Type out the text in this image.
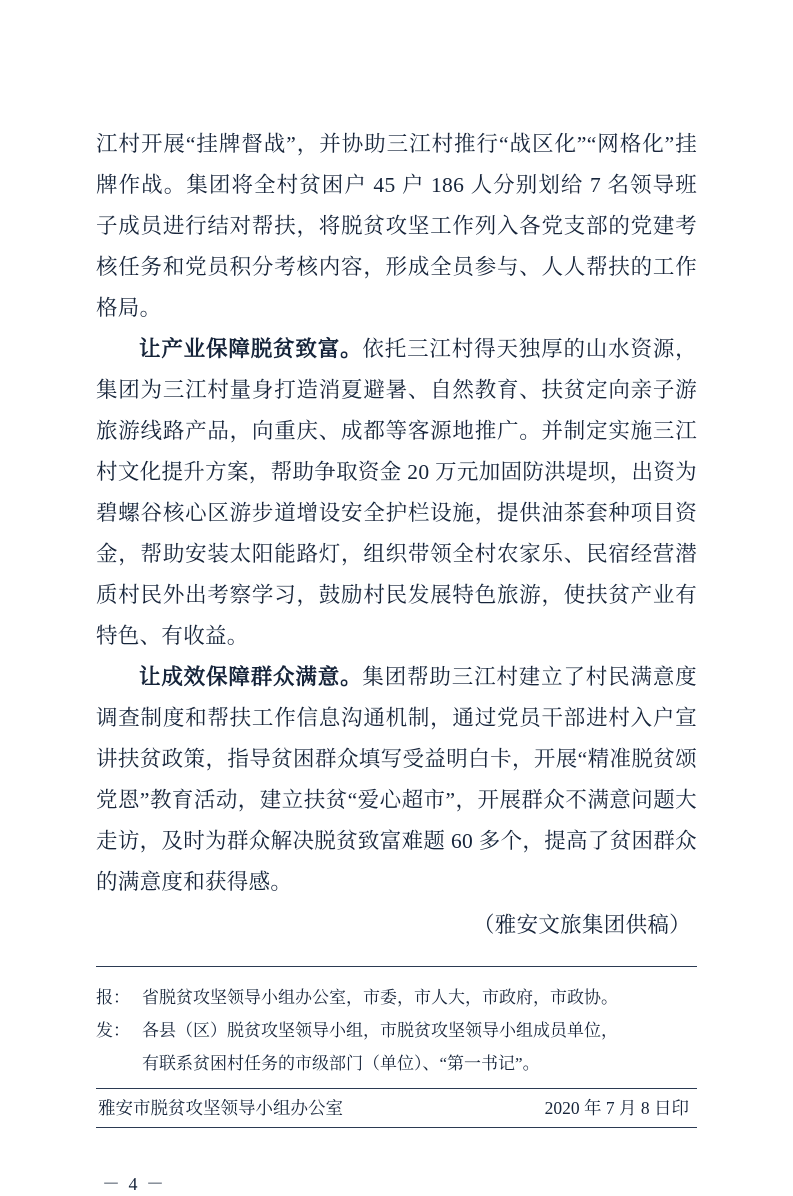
江村开展“挂牌督战”，并协助三江村推行“战区化”“网格化”挂牌作战。集团将全村贫困户 45 户 186 人分别划给 7 名领导班子成员进行结对帮扶，将脱贫攻坚工作列入各党支部的党建考核任务和党员积分考核内容，形成全员参与、人人帮扶的工作格局。

让产业保障脱贫致富。依托三江村得天独厚的山水资源，集团为三江村量身打造消夏避暑、自然教育、扶贫定向亲子游旅游线路产品，向重庆、成都等客源地推广。并制定实施三江村文化提升方案，帮助争取资金 20 万元加固防洪堤坝，出资为碧螺谷核心区游步道增设安全护栏设施，提供油茶套种项目资金，帮助安装太阳能路灯，组织带领全村农家乐、民宿经营潜质村民外出考察学习，鼓励村民发展特色旅游，使扶贫产业有特色、有收益。

让成效保障群众满意。集团帮助三江村建立了村民满意度调查制度和帮扶工作信息沟通机制，通过党员干部进村入户宣讲扶贫政策，指导贫困群众填写受益明白卡，开展“精准脱贫颂党恩”教育活动，建立扶贫“爱心超市”，开展群众不满意问题大走访，及时为群众解决脱贫致富难题 60 多个，提高了贫困群众的满意度和获得感。

（雅安文旅集团供稿）
报： 省脱贫攻坚领导小组办公室，市委，市人大，市政府，市政协。
发： 各县（区）脱贫攻坚领导小组，市脱贫攻坚领导小组成员单位，
有联系贫困村任务的市级部门（单位）、“第一书记”。
雅安市脱贫攻坚领导小组办公室	2020 年 7 月 8 日印
－ 4 －
